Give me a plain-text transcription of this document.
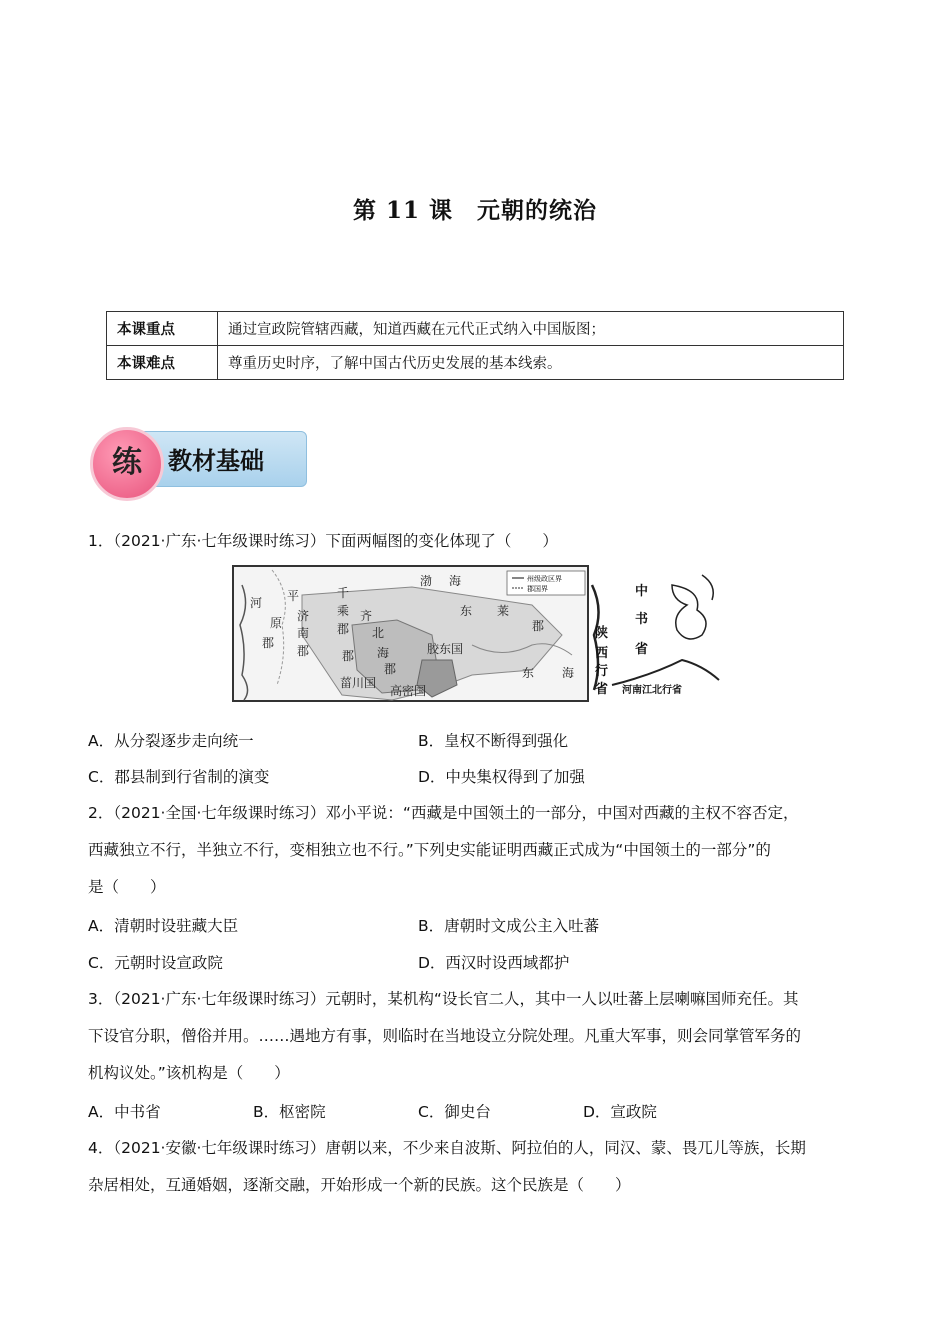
第 11 课　元朝的统治
本课重点	通过宣政院管辖西藏，知道西藏在元代正式纳入中国版图；
本课难点	尊重历史时序，了解中国古代历史发展的基本线索。
练	教材基础
1．（2021·广东·七年级课时练习）下面两幅图的变化体现了（　　）
州级政区界
郡国界
河 平
原
郡
济
南
郡
千
乘
郡
齐
郡
北
海
郡
胶东国
菑川国
高密国
渤 海
东 莱
郡
东 海
中
书
省
陕
西
行
省 河南江北行省
A．从分裂逐步走向统一	B．皇权不断得到强化
C．郡县制到行省制的演变	D．中央集权得到了加强
2．（2021·全国·七年级课时练习）邓小平说：“西藏是中国领土的一部分，中国对西藏的主权不容否定，
西藏独立不行，半独立不行，变相独立也不行。”下列史实能证明西藏正式成为“中国领土的一部分”的
是（　　）
A．清朝时设驻藏大臣	B．唐朝时文成公主入吐蕃
C．元朝时设宣政院	D．西汉时设西域都护
3．（2021·广东·七年级课时练习）元朝时，某机构“设长官二人，其中一人以吐蕃上层喇嘛国师充任。其
下设官分职，僧俗并用。……遇地方有事，则临时在当地设立分院处理。凡重大军事，则会同掌管军务的
机构议处。”该机构是（　　）
A．中书省	B．枢密院	C．御史台	D．宣政院
4．（2021·安徽·七年级课时练习）唐朝以来，不少来自波斯、阿拉伯的人，同汉、蒙、畏兀儿等族，长期
杂居相处，互通婚姻，逐渐交融，开始形成一个新的民族。这个民族是（　　）
